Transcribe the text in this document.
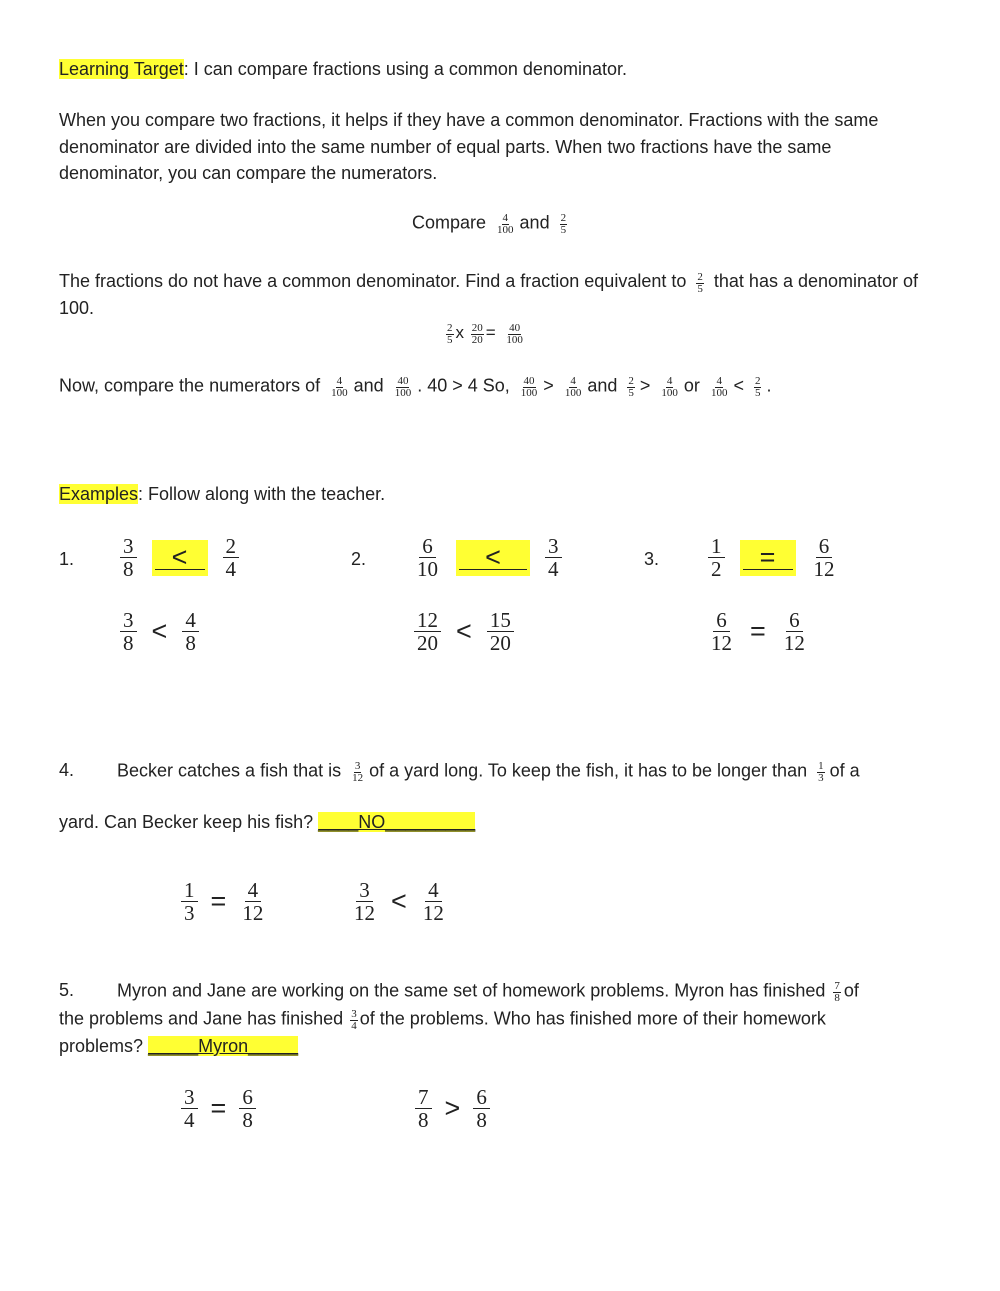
Learning Target: I can compare fractions using a common denominator.
When you compare two fractions, it helps if they have a common denominator. Fractions with the same denominator are divided into the same number of equal parts. When two fractions have the same denominator, you can compare the numerators.
Compare $\frac{4}{100}$ and $\frac{2}{5}$
The fractions do not have a common denominator. Find a fraction equivalent to $\frac{2}{5}$ that has a denominator of 100.
$\frac{2}{5}$ x $\frac{20}{20} = \frac{40}{100}$
Now, compare the numerators of $\frac{4}{100}$ and $\frac{40}{100}$ . 40 > 4 So, $\frac{40}{100} > \frac{4}{100}$ and $\frac{2}{5} > \frac{4}{100}$ or $\frac{4}{100} < \frac{2}{5}$ .
Examples: Follow along with the teacher.
1. $\frac{3}{8} < \frac{2}{4}$
$\frac{3}{8} < \frac{4}{8}$
2. $\frac{6}{10} < \frac{3}{4}$
$\frac{12}{20} < \frac{15}{20}$
3. $\frac{1}{2} = \frac{6}{12}$
$\frac{6}{12} = \frac{6}{12}$
4. Becker catches a fish that is $\frac{3}{12}$ of a yard long. To keep the fish, it has to be longer than $\frac{1}{3}$ of a
yard. Can Becker keep his fish? ____NO_________
$\frac{1}{3} = \frac{4}{12}$	$\frac{3}{12} < \frac{4}{12}$
5. Myron and Jane are working on the same set of homework problems. Myron has finished $\frac{7}{8}$ of
the problems and Jane has finished $\frac{3}{4}$ of the problems. Who has finished more of their homework
problems? _____Myron_____
$\frac{3}{4} = \frac{6}{8}$	$\frac{7}{8} > \frac{6}{8}$
